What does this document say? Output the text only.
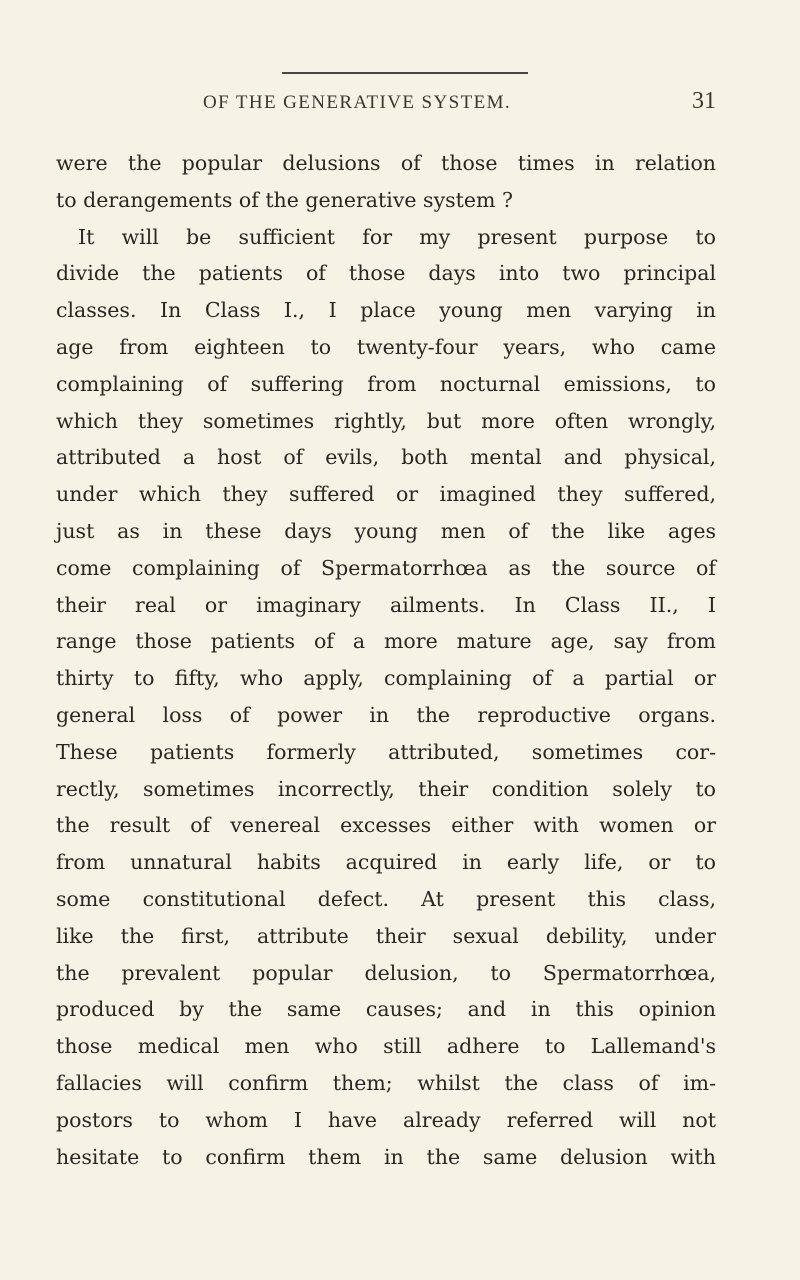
OF THE GENERATIVE SYSTEM.	31
were the popular delusions of those times in relation
to derangements of the generative system ?
It will be sufficient for my present purpose to
divide the patients of those days into two principal
classes. In Class I., I place young men varying in
age from eighteen to twenty-four years, who came
complaining of suffering from nocturnal emissions, to
which they sometimes rightly, but more often wrongly,
attributed a host of evils, both mental and physical,
under which they suffered or imagined they suffered,
just as in these days young men of the like ages
come complaining of Spermatorrhœa as the source of
their real or imaginary ailments. In Class II., I
range those patients of a more mature age, say from
thirty to fifty, who apply, complaining of a partial or
general loss of power in the reproductive organs.
These patients formerly attributed, sometimes cor-
rectly, sometimes incorrectly, their condition solely to
the result of venereal excesses either with women or
from unnatural habits acquired in early life, or to
some constitutional defect. At present this class,
like the first, attribute their sexual debility, under
the prevalent popular delusion, to Spermatorrhœa,
produced by the same causes; and in this opinion
those medical men who still adhere to Lallemand's
fallacies will confirm them; whilst the class of im-
postors to whom I have already referred will not
hesitate to confirm them in the same delusion with
